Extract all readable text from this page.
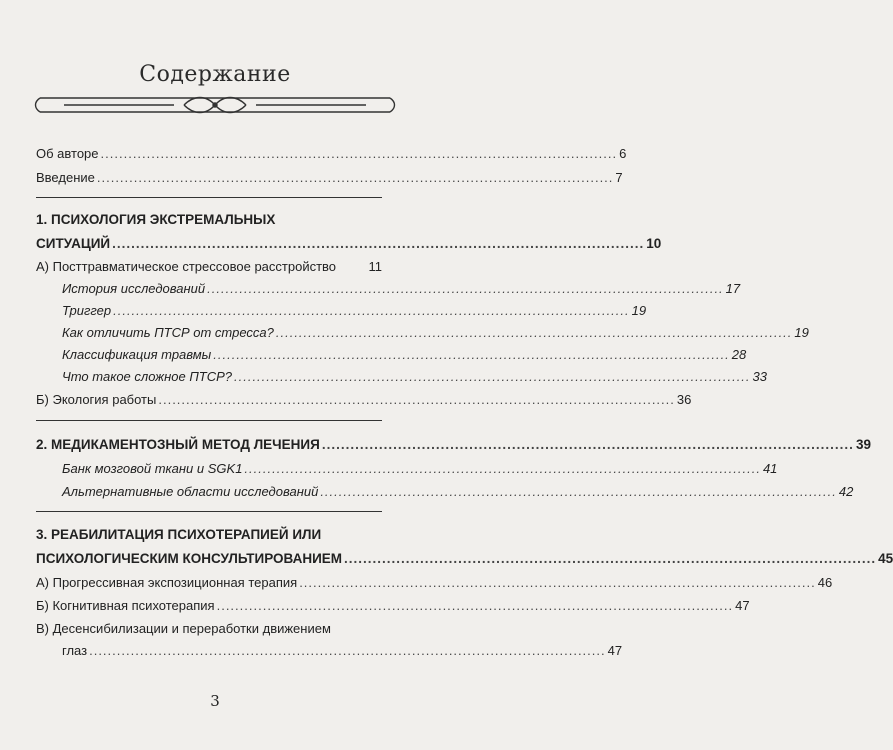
Содержание
Об авторе ................................................................................................................ 6
Введение ................................................................................................................ 7
1. ПСИХОЛОГИЯ ЭКСТРЕМАЛЬНЫХ
СИТУАЦИЙ ................................................................................................................ 10
А) Посттравматическое стрессовое расстройство 11
История исследований ................................................................................................................ 17
Триггер ................................................................................................................ 19
Как отличить ПТСР от стресса? ................................................................................................................ 19
Классификация травмы ................................................................................................................ 28
Что такое сложное ПТСР? ................................................................................................................ 33
Б) Экология работы ................................................................................................................ 36
2. МЕДИКАМЕНТОЗНЫЙ МЕТОД ЛЕЧЕНИЯ ................................................................................................................ 39
Банк мозговой ткани и SGK1 ................................................................................................................ 41
Альтернативные области исследований ................................................................................................................ 42
3. РЕАБИЛИТАЦИЯ ПСИХОТЕРАПИЕЙ ИЛИ
ПСИХОЛОГИЧЕСКИМ КОНСУЛЬТИРОВАНИЕМ ................................................................................................................ 45
А) Прогрессивная экспозиционная терапия ................................................................................................................ 46
Б) Когнитивная психотерапия ................................................................................................................ 47
В) Десенсибилизации и переработки движением
глаз ................................................................................................................ 47
3
